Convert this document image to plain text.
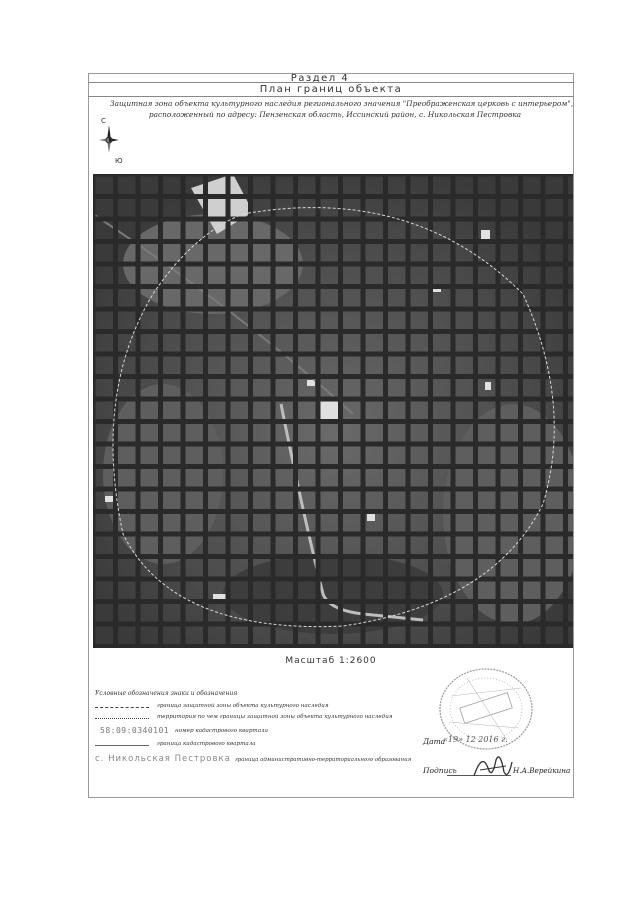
Раздел 4
План границ объекта
Защитная зона объекта культурного наследия регионального значения "Преображенская церковь с интерьером",
расположенный по адресу: Пензенская область, Иссинский район, с. Никольская Пестровка
С
Ю
Масштаб 1:2600
Условные обозначения знаки и обозначения
граница защитной зоны объекта культурного наследия
территория по чем границы защитной зоны объекта культурного наследия
58:09:0340101 номер кадастрового квартала
граница кадастрового квартала
с. Никольская Пестровка граница административно-территориального образования
Дата
«19» 12 2016 г.
Подпись	Н.А.Верейкина
